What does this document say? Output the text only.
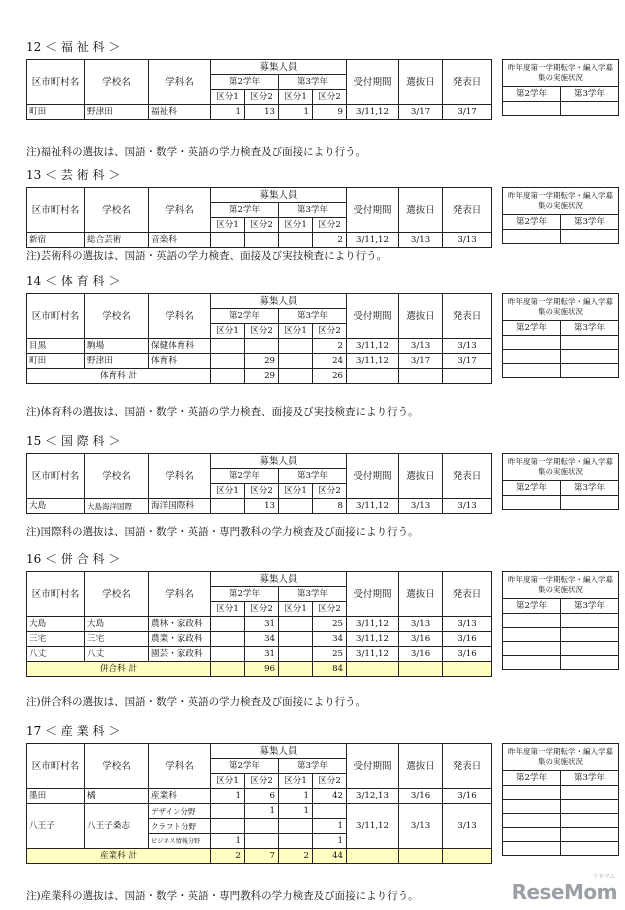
12 ＜ 福 祉 科 ＞
区市町村名	学校名	学科名	募集人員				受付期間	選抜日	発表日
			第2学年		第3学年				
			区分1	区分2	区分1	区分2			
町田	野津田	福祉科	1	13	1	9	3/11,12	3/17	3/17
昨年度第一学期転学・編入学募集の実施状況	
第2学年	第3学年

注)福祉科の選抜は、国語・数学・英語の学力検査及び面接により行う。
13 ＜ 芸 術 科 ＞
区市町村名	学校名	学科名	募集人員				受付期間	選抜日	発表日
			第2学年		第3学年				
			区分1	区分2	区分1	区分2			
新宿	総合芸術	音楽科				2	3/11,12	3/13	3/13
昨年度第一学期転学・編入学募集の実施状況	
第2学年	第3学年

注)芸術科の選抜は、国語・英語の学力検査、面接及び実技検査により行う。
14 ＜ 体 育 科 ＞
区市町村名	学校名	学科名	募集人員				受付期間	選抜日	発表日
			第2学年		第3学年				
			区分1	区分2	区分1	区分2			
目黒	駒場	保健体育科				2	3/11,12	3/13	3/13
町田	野津田	体育科		29		24	3/11,12	3/17	3/17
体育科 計				29		26			
昨年度第一学期転学・編入学募集の実施状況	
第2学年	第3学年

注)体育科の選抜は、国語・数学・英語の学力検査、面接及び実技検査により行う。
15 ＜ 国 際 科 ＞
区市町村名	学校名	学科名	募集人員				受付期間	選抜日	発表日
			第2学年		第3学年				
			区分1	区分2	区分1	区分2			
大島	大島海洋国際	海洋国際科		13		8	3/11,12	3/13	3/13
昨年度第一学期転学・編入学募集の実施状況	
第2学年	第3学年

注)国際科の選抜は、国語・数学・英語・専門教科の学力検査及び面接により行う。
16 ＜ 併 合 科 ＞
区市町村名	学校名	学科名	募集人員				受付期間	選抜日	発表日
			第2学年		第3学年				
			区分1	区分2	区分1	区分2			
大島	大島	農林・家政科		31		25	3/11,12	3/13	3/13
三宅	三宅	農業・家政科		34		34	3/11,12	3/16	3/16
八丈	八丈	園芸・家政科		31		25	3/11,12	3/16	3/16
併合科 計				96		84			
昨年度第一学期転学・編入学募集の実施状況	
第2学年	第3学年

注)併合科の選抜は、国語・数学・英語の学力検査及び面接により行う。
17 ＜ 産 業 科 ＞
区市町村名	学校名	学科名	募集人員				受付期間	選抜日	発表日
			第2学年		第3学年				
			区分1	区分2	区分1	区分2			
墨田	橘	産業科	1	6	1	42	3/12,13	3/16	3/16
八王子	八王子桑志	デザイン分野		1	1		3/11,12	3/13	3/13
		クラフト分野				1			
		ビジネス情報分野	1			1			
産業科 計			2	7	2	44			
昨年度第一学期転学・編入学募集の実施状況	
第2学年	第3学年

注)産業科の選抜は、国語・数学・英語・専門教科の学力検査及び面接により行う。	ReseMom
リセマム
